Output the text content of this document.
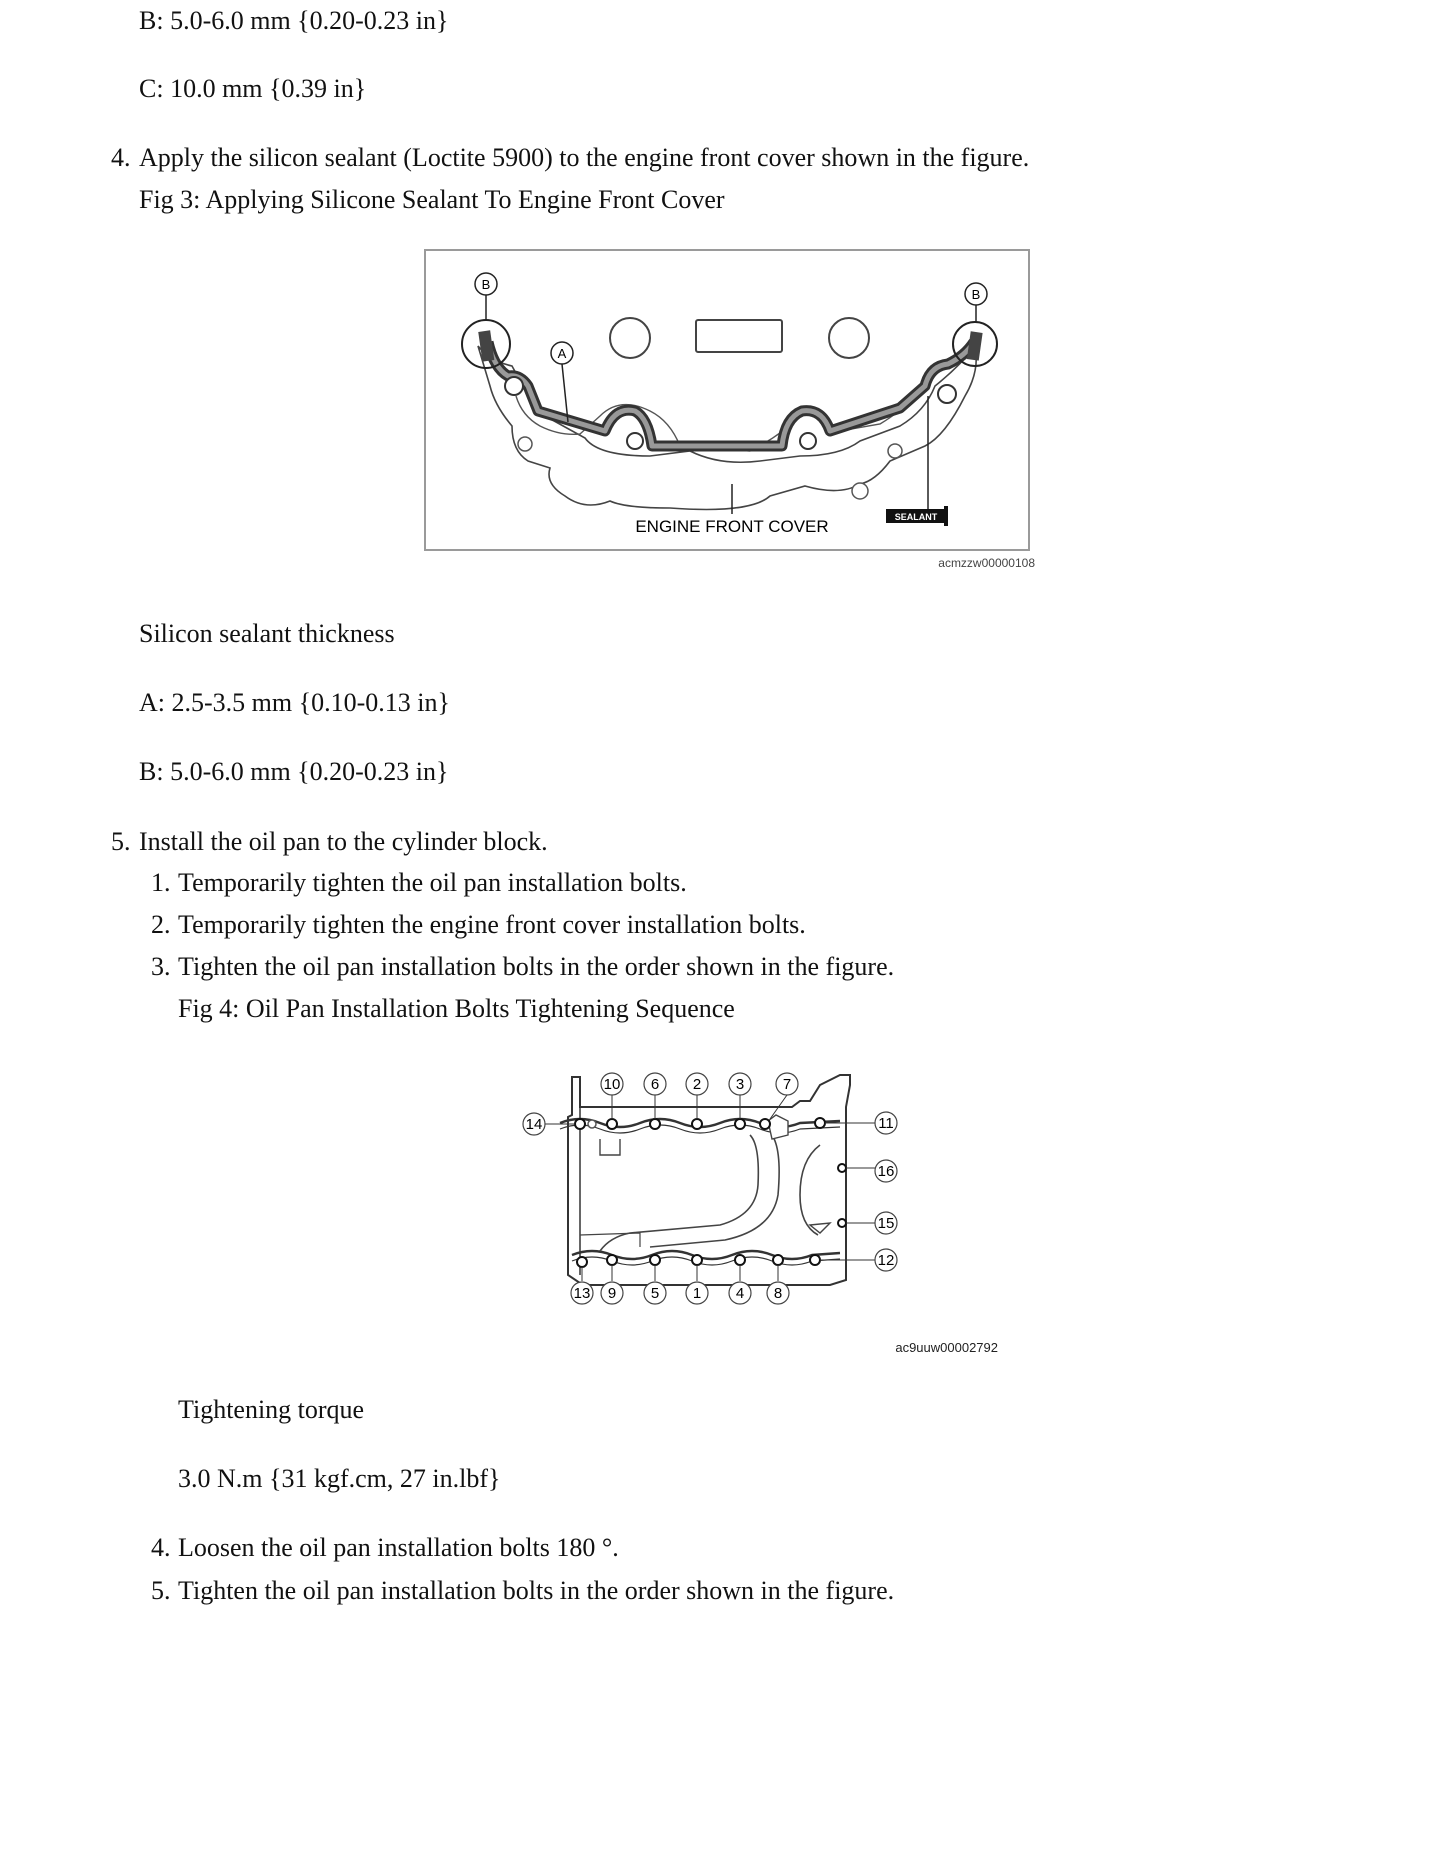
B: 5.0-6.0 mm {0.20-0.23 in}
C: 10.0 mm {0.39 in}
4. Apply the silicon sealant (Loctite 5900) to the engine front cover shown in the figure.
Fig 3: Applying Silicone Sealant To Engine Front Cover
B
B
A
ENGINE FRONT COVER	SEALANT
acmzzw00000108
Silicon sealant thickness
A: 2.5-3.5 mm {0.10-0.13 in}
B: 5.0-6.0 mm {0.20-0.23 in}
5. Install the oil pan to the cylinder block.
1. Temporarily tighten the oil pan installation bolts.
2. Temporarily tighten the engine front cover installation bolts.
3. Tighten the oil pan installation bolts in the order shown in the figure.
Fig 4: Oil Pan Installation Bolts Tightening Sequence
10 6 2 3	7
14	11
16
15
12
13 9 5 1 4 8
ac9uuw00002792
Tightening torque
3.0 N.m {31 kgf.cm, 27 in.lbf}
4. Loosen the oil pan installation bolts 180 °.
5. Tighten the oil pan installation bolts in the order shown in the figure.
